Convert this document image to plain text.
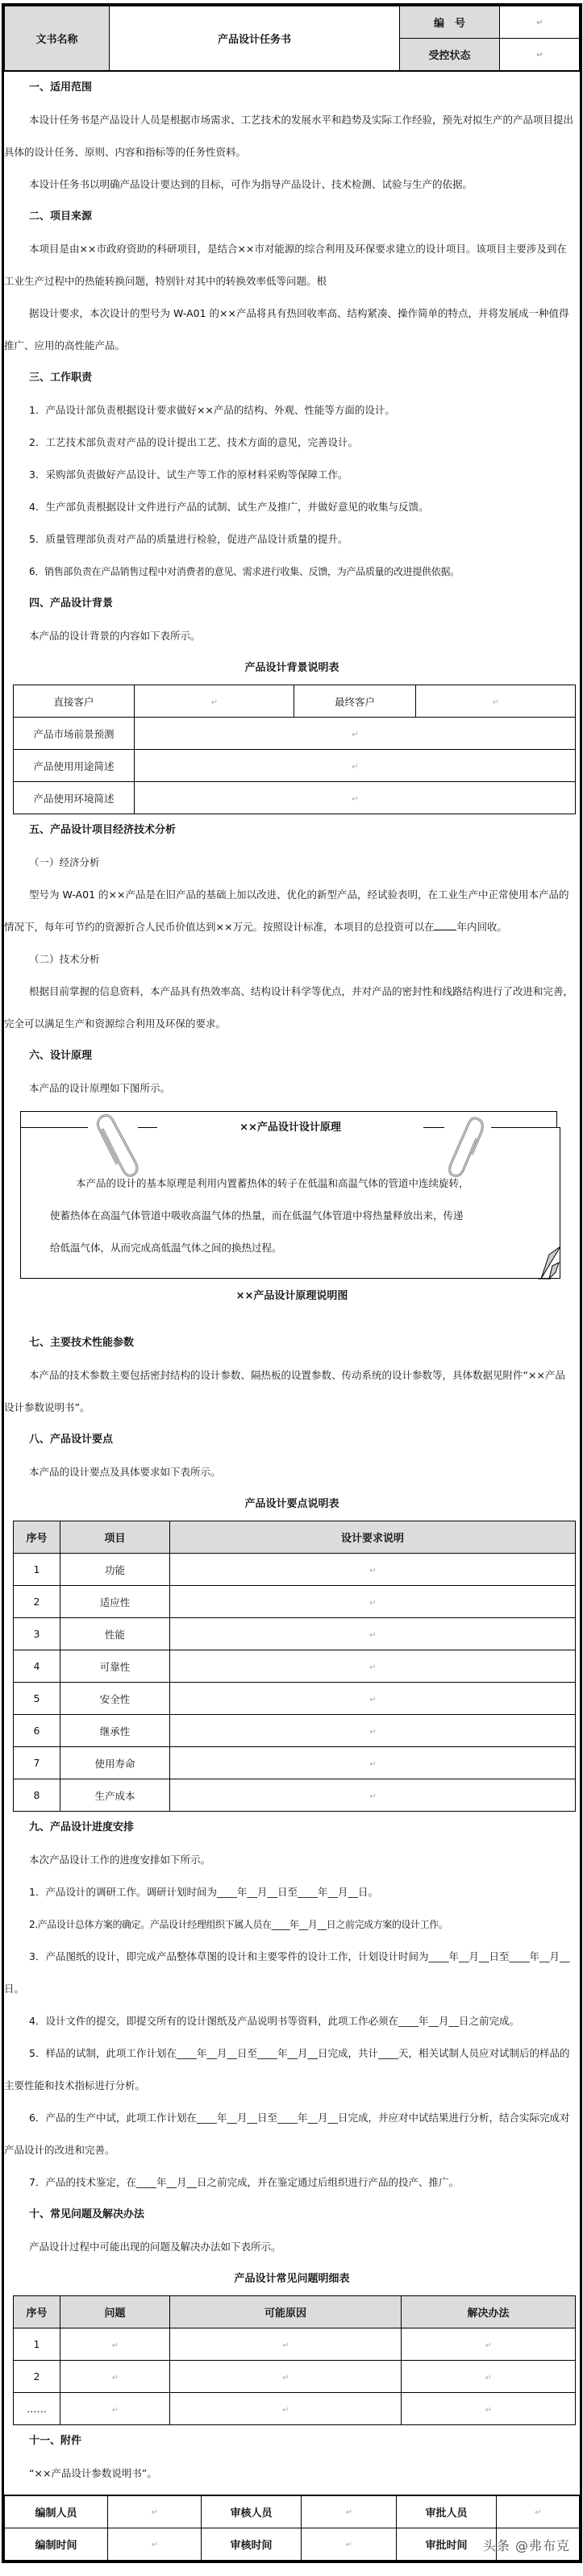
文书名称	产品设计任务书	编　号	↵
		受控状态	↵
一、适用范围
本设计任务书是产品设计人员是根据市场需求、工艺技术的发展水平和趋势及实际工作经验，预先对拟生产的产品项目提出具体的设计任务、原则、内容和指标等的任务性资料。
本设计任务书以明确产品设计要达到的目标，可作为指导产品设计、技术检测、试验与生产的依据。
二、项目来源
本项目是由××市政府资助的科研项目，是结合××市对能源的综合利用及环保要求建立的设计项目。该项目主要涉及到在工业生产过程中的热能转换问题，特别针对其中的转换效率低等问题。根
据设计要求，本次设计的型号为 W-A01 的××产品将具有热回收率高、结构紧凑、操作简单的特点，并将发展成一种值得推广、应用的高性能产品。
三、工作职责
1．产品设计部负责根据设计要求做好××产品的结构、外观、性能等方面的设计。
2．工艺技术部负责对产品的设计提出工艺、技术方面的意见，完善设计。
3．采购部负责做好产品设计、试生产等工作的原材料采购等保障工作。
4．生产部负责根据设计文件进行产品的试制、试生产及推广，并做好意见的收集与反馈。
5．质量管理部负责对产品的质量进行检验，促进产品设计质量的提升。
6．销售部负责在产品销售过程中对消费者的意见、需求进行收集、反馈，为产品质量的改进提供依据。
四、产品设计背景
本产品的设计背景的内容如下表所示。
产品设计背景说明表
直接客户	↵	最终客户	↵
产品市场前景预测	↵		
产品使用用途简述	↵		
产品使用环境简述	↵		
五、产品设计项目经济技术分析
（一）经济分析
型号为 W-A01 的××产品是在旧产品的基础上加以改进、优化的新型产品，经试验表明，在工业生产中正常使用本产品的情况下，每年可节约的资源折合人民币价值达到××万元。按照设计标准，本项目的总投资可以在 年内回收。
（二）技术分析
根据目前掌握的信息资料，本产品具有热效率高、结构设计科学等优点，并对产品的密封性和线路结构进行了改进和完善，完全可以满足生产和资源综合利用及环保的要求。
六、设计原理
本产品的设计原理如下图所示。
本产品的设计的基本原理是利用内置蓄热体的转子在低温和高温气体的管道中连续旋转，
使蓄热体在高温气体管道中吸收高温气体的热量，而在低温气体管道中将热量释放出来，传递
给低温气体，从而完成高低温气体之间的换热过程。
××产品设计设计原理
××产品设计原理说明图
七、主要技术性能参数
本产品的技术参数主要包括密封结构的设计参数、隔热板的设置参数、传动系统的设计参数等，具体数据见附件“××产品设计参数说明书”。
八、产品设计要点
本产品的设计要点及具体要求如下表所示。
产品设计要点说明表
序号	项目	设计要求说明
1	功能	↵
2	适应性	↵
3	性能	↵
4	可靠性	↵
5	安全性	↵
6	继承性	↵
7	使用寿命	↵
8	生产成本	↵
九、产品设计进度安排
本次产品设计工作的进度安排如下所示。
1．产品设计的调研工作。调研计划时间为____年__月__日至____年__月__日。
2.产品设计总体方案的确定。产品设计经理组织下属人员在____年__月__日之前完成方案的设计工作。
3．产品图纸的设计，即完成产品整体草图的设计和主要零件的设计工作，计划设计时间为____年__月__日至____年__月__日。
4．设计文件的提交，即提交所有的设计图纸及产品说明书等资料，此项工作必须在____年__月__日之前完成。
5．样品的试制，此项工作计划在____年__月__日至____年__月__日完成，共计____天，相关试制人员应对试制后的样品的主要性能和技术指标进行分析。
6．产品的生产中试，此项工作计划在____年__月__日至____年__月__日完成，并应对中试结果进行分析，结合实际完成对产品设计的改进和完善。
7．产品的技术鉴定，在____年__月__日之前完成，并在鉴定通过后组织进行产品的投产、推广。
十、常见问题及解决办法
产品设计过程中可能出现的问题及解决办法如下表所示。
产品设计常见问题明细表
序号	问题	可能原因	解决办法
1	↵	↵	↵
2	↵	↵	↵
……	↵	↵	↵
十一、附件
“××产品设计参数说明书”。
编制人员	↵	审核人员	↵	审批人员	↵
编制时间	↵	审核时间	↵	审批时间	头条 @弗布克
